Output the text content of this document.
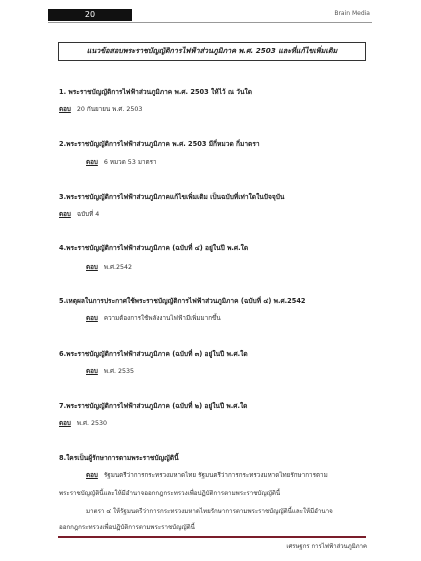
20	Brain Media
แนวข้อสอบพระราชบัญญัติการไฟฟ้าส่วนภูมิภาค พ.ศ. 2503 และที่แก้ไขเพิ่มเติม
1. พระราชบัญญัติการไฟฟ้าส่วนภูมิภาค พ.ศ. 2503 ให้ไว้ ณ วันใด
ตอบ 20 กันยายน พ.ศ. 2503
2.พระราชบัญญัติการไฟฟ้าส่วนภูมิภาค พ.ศ. 2503 มีกี่หมวด กี่มาตรา
ตอบ 6 หมวด 53 มาตรา
3.พระราชบัญญัติการไฟฟ้าส่วนภูมิภาคแก้ไขเพิ่มเติม เป็นฉบับที่เท่าใดในปัจจุบัน
ตอบ ฉบับที่ 4
4.พระราชบัญญัติการไฟฟ้าส่วนภูมิภาค (ฉบับที่ ๔) อยู่ในปี พ.ศ.ใด
ตอบ พ.ศ.2542
5.เหตุผลในการประกาศใช้พระราชบัญญัติการไฟฟ้าส่วนภูมิภาค (ฉบับที่ ๔) พ.ศ.2542
ตอบ ความต้องการใช้พลังงานไฟฟ้ามีเพิ่มมากขึ้น
6.พระราชบัญญัติการไฟฟ้าส่วนภูมิภาค (ฉบับที่ ๓) อยู่ในปี พ.ศ.ใด
ตอบ พ.ศ. 2535
7.พระราชบัญญัติการไฟฟ้าส่วนภูมิภาค (ฉบับที่ ๒) อยู่ในปี พ.ศ.ใด
ตอบ พ.ศ. 2530
8.ใครเป็นผู้รักษาการตามพระราชบัญญัตินี้
ตอบ รัฐมนตรีว่าการกระทรวงมหาดไทย รัฐมนตรีว่าการกระทรวงมหาดไทยรักษาการตาม
พระราชบัญญัตินี้และให้มีอำนาจออกกฎกระทรวงเพื่อปฏิบัติการตามพระราชบัญญัตินี้
มาตรา ๔ ให้รัฐมนตรีว่าการกระทรวงมหาดไทยรักษาการตามพระราชบัญญัตินี้และให้มีอำนาจ
ออกกฎกระทรวงเพื่อปฏิบัติการตามพระราชบัญญัตินี้
เศรษฐกร การไฟฟ้าส่วนภูมิภาค
